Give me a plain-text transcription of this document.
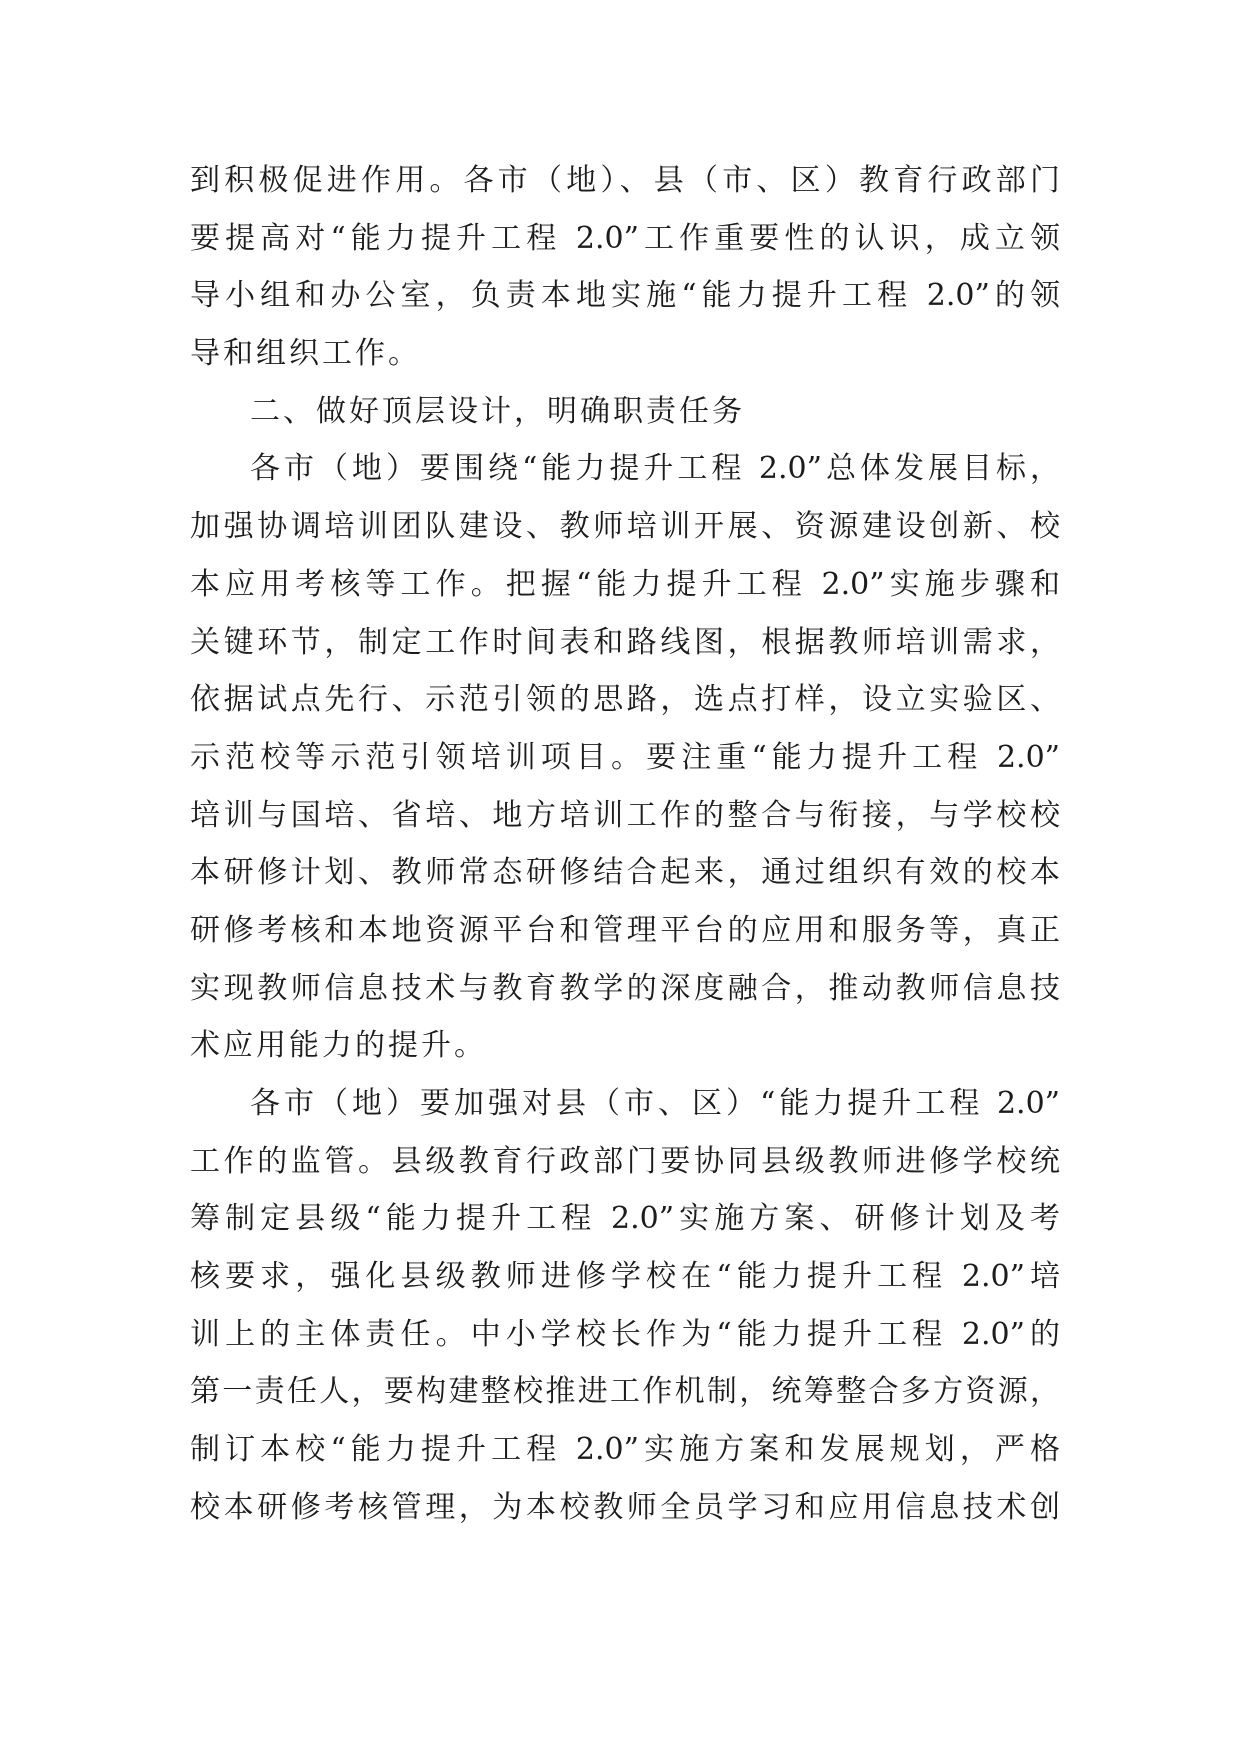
到积极促进作用。各市（地）、县（市、区）教育行政部门
要提高对“能力提升工程 2.0”工作重要性的认识，成立领
导小组和办公室，负责本地实施“能力提升工程 2.0”的领
导和组织工作。
二、做好顶层设计，明确职责任务
各市（地）要围绕“能力提升工程 2.0”总体发展目标，
加强协调培训团队建设、教师培训开展、资源建设创新、校
本应用考核等工作。把握“能力提升工程 2.0”实施步骤和
关键环节，制定工作时间表和路线图，根据教师培训需求，
依据试点先行、示范引领的思路，选点打样，设立实验区、
示范校等示范引领培训项目。要注重“能力提升工程 2.0”
培训与国培、省培、地方培训工作的整合与衔接，与学校校
本研修计划、教师常态研修结合起来，通过组织有效的校本
研修考核和本地资源平台和管理平台的应用和服务等，真正
实现教师信息技术与教育教学的深度融合，推动教师信息技
术应用能力的提升。
各市（地）要加强对县（市、区）“能力提升工程 2.0”
工作的监管。县级教育行政部门要协同县级教师进修学校统
筹制定县级“能力提升工程 2.0”实施方案、研修计划及考
核要求，强化县级教师进修学校在“能力提升工程 2.0”培
训上的主体责任。中小学校长作为“能力提升工程 2.0”的
第一责任人，要构建整校推进工作机制，统筹整合多方资源，
制订本校“能力提升工程 2.0”实施方案和发展规划，严格
校本研修考核管理，为本校教师全员学习和应用信息技术创
